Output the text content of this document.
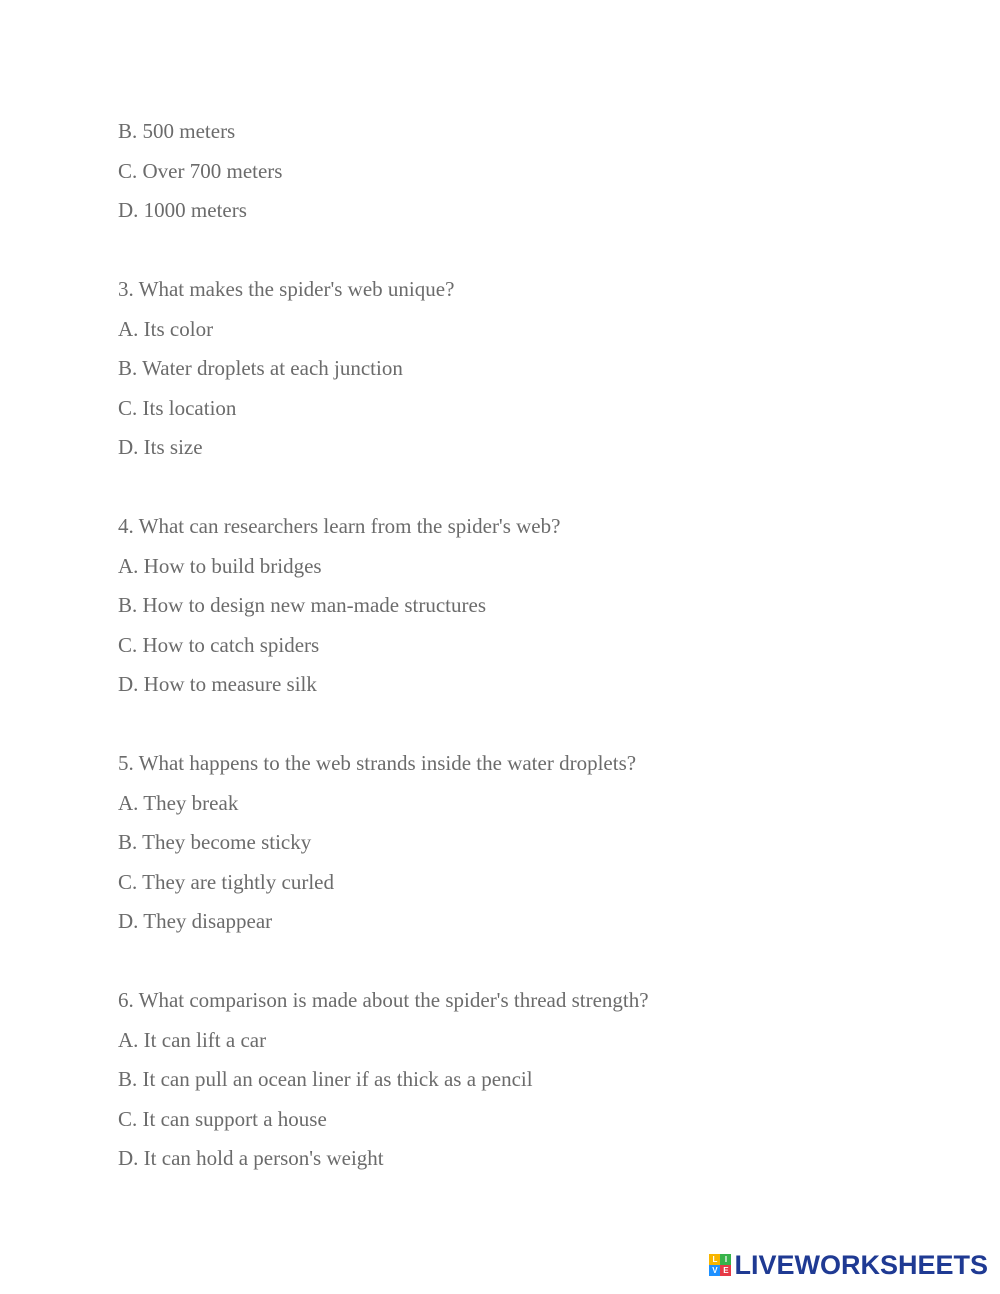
B. 500 meters
C. Over 700 meters
D. 1000 meters
3. What makes the spider's web unique?
A. Its color
B. Water droplets at each junction
C. Its location
D. Its size
4. What can researchers learn from the spider's web?
A. How to build bridges
B. How to design new man-made structures
C. How to catch spiders
D. How to measure silk
5. What happens to the web strands inside the water droplets?
A. They break
B. They become sticky
C. They are tightly curled
D. They disappear
6. What comparison is made about the spider's thread strength?
A. It can lift a car
B. It can pull an ocean liner if as thick as a pencil
C. It can support a house
D. It can hold a person's weight
L I
V E LIVEWORKSHEETS
